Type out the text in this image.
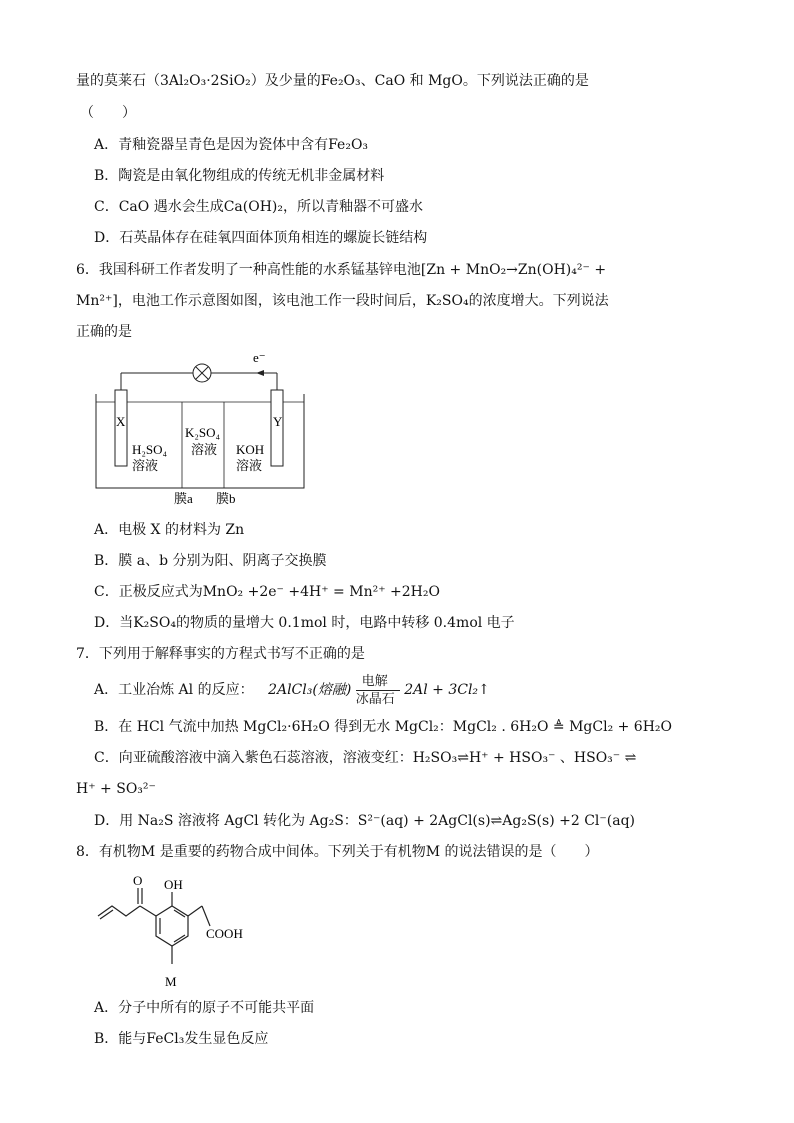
量的莫莱石（3Al₂O₃·2SiO₂）及少量的Fe₂O₃、CaO 和 MgO。下列说法正确的是
（　　）
A．青釉瓷器呈青色是因为瓷体中含有Fe₂O₃
B．陶瓷是由氧化物组成的传统无机非金属材料
C．CaO 遇水会生成Ca(OH)₂，所以青釉器不可盛水
D．石英晶体存在硅氧四面体顶角相连的螺旋长链结构
6．我国科研工作者发明了一种高性能的水系锰基锌电池[Zn + MnO₂→Zn(OH)₄²⁻ +
Mn²⁺]，电池工作示意图如图，该电池工作一段时间后，K₂SO₄的浓度增大。下列说法
正确的是
e⁻
X	Y
H₂SO₄
溶液
K₂SO₄
溶液 KOH
溶液
膜a 膜b
A．电极 X 的材料为 Zn
B．膜 a、b 分别为阳、阴离子交换膜
C．正极反应式为MnO₂ +2e⁻ +4H⁺ = Mn²⁺ +2H₂O
D．当K₂SO₄的物质的量增大 0.1mol 时，电路中转移 0.4mol 电子
7．下列用于解释事实的方程式书写不正确的是
A．工业冶炼 Al 的反应： 2AlCl₃(熔融)
电解
冰晶石
2Al + 3Cl₂↑
B．在 HCl 气流中加热 MgCl₂·6H₂O 得到无水 MgCl₂：MgCl₂ . 6H₂O ≜ MgCl₂ + 6H₂O
C．向亚硫酸溶液中滴入紫色石蕊溶液，溶液变红：H₂SO₃⇌H⁺ + HSO₃⁻ 、HSO₃⁻ ⇌
H⁺ + SO₃²⁻
D．用 Na₂S 溶液将 AgCl 转化为 Ag₂S：S²⁻(aq) + 2AgCl(s)⇌Ag₂S(s) +2 Cl⁻(aq)
8．有机物M 是重要的药物合成中间体。下列关于有机物M 的说法错误的是（　　）
O OH
COOH
M
A．分子中所有的原子不可能共平面
B．能与FeCl₃发生显色反应
